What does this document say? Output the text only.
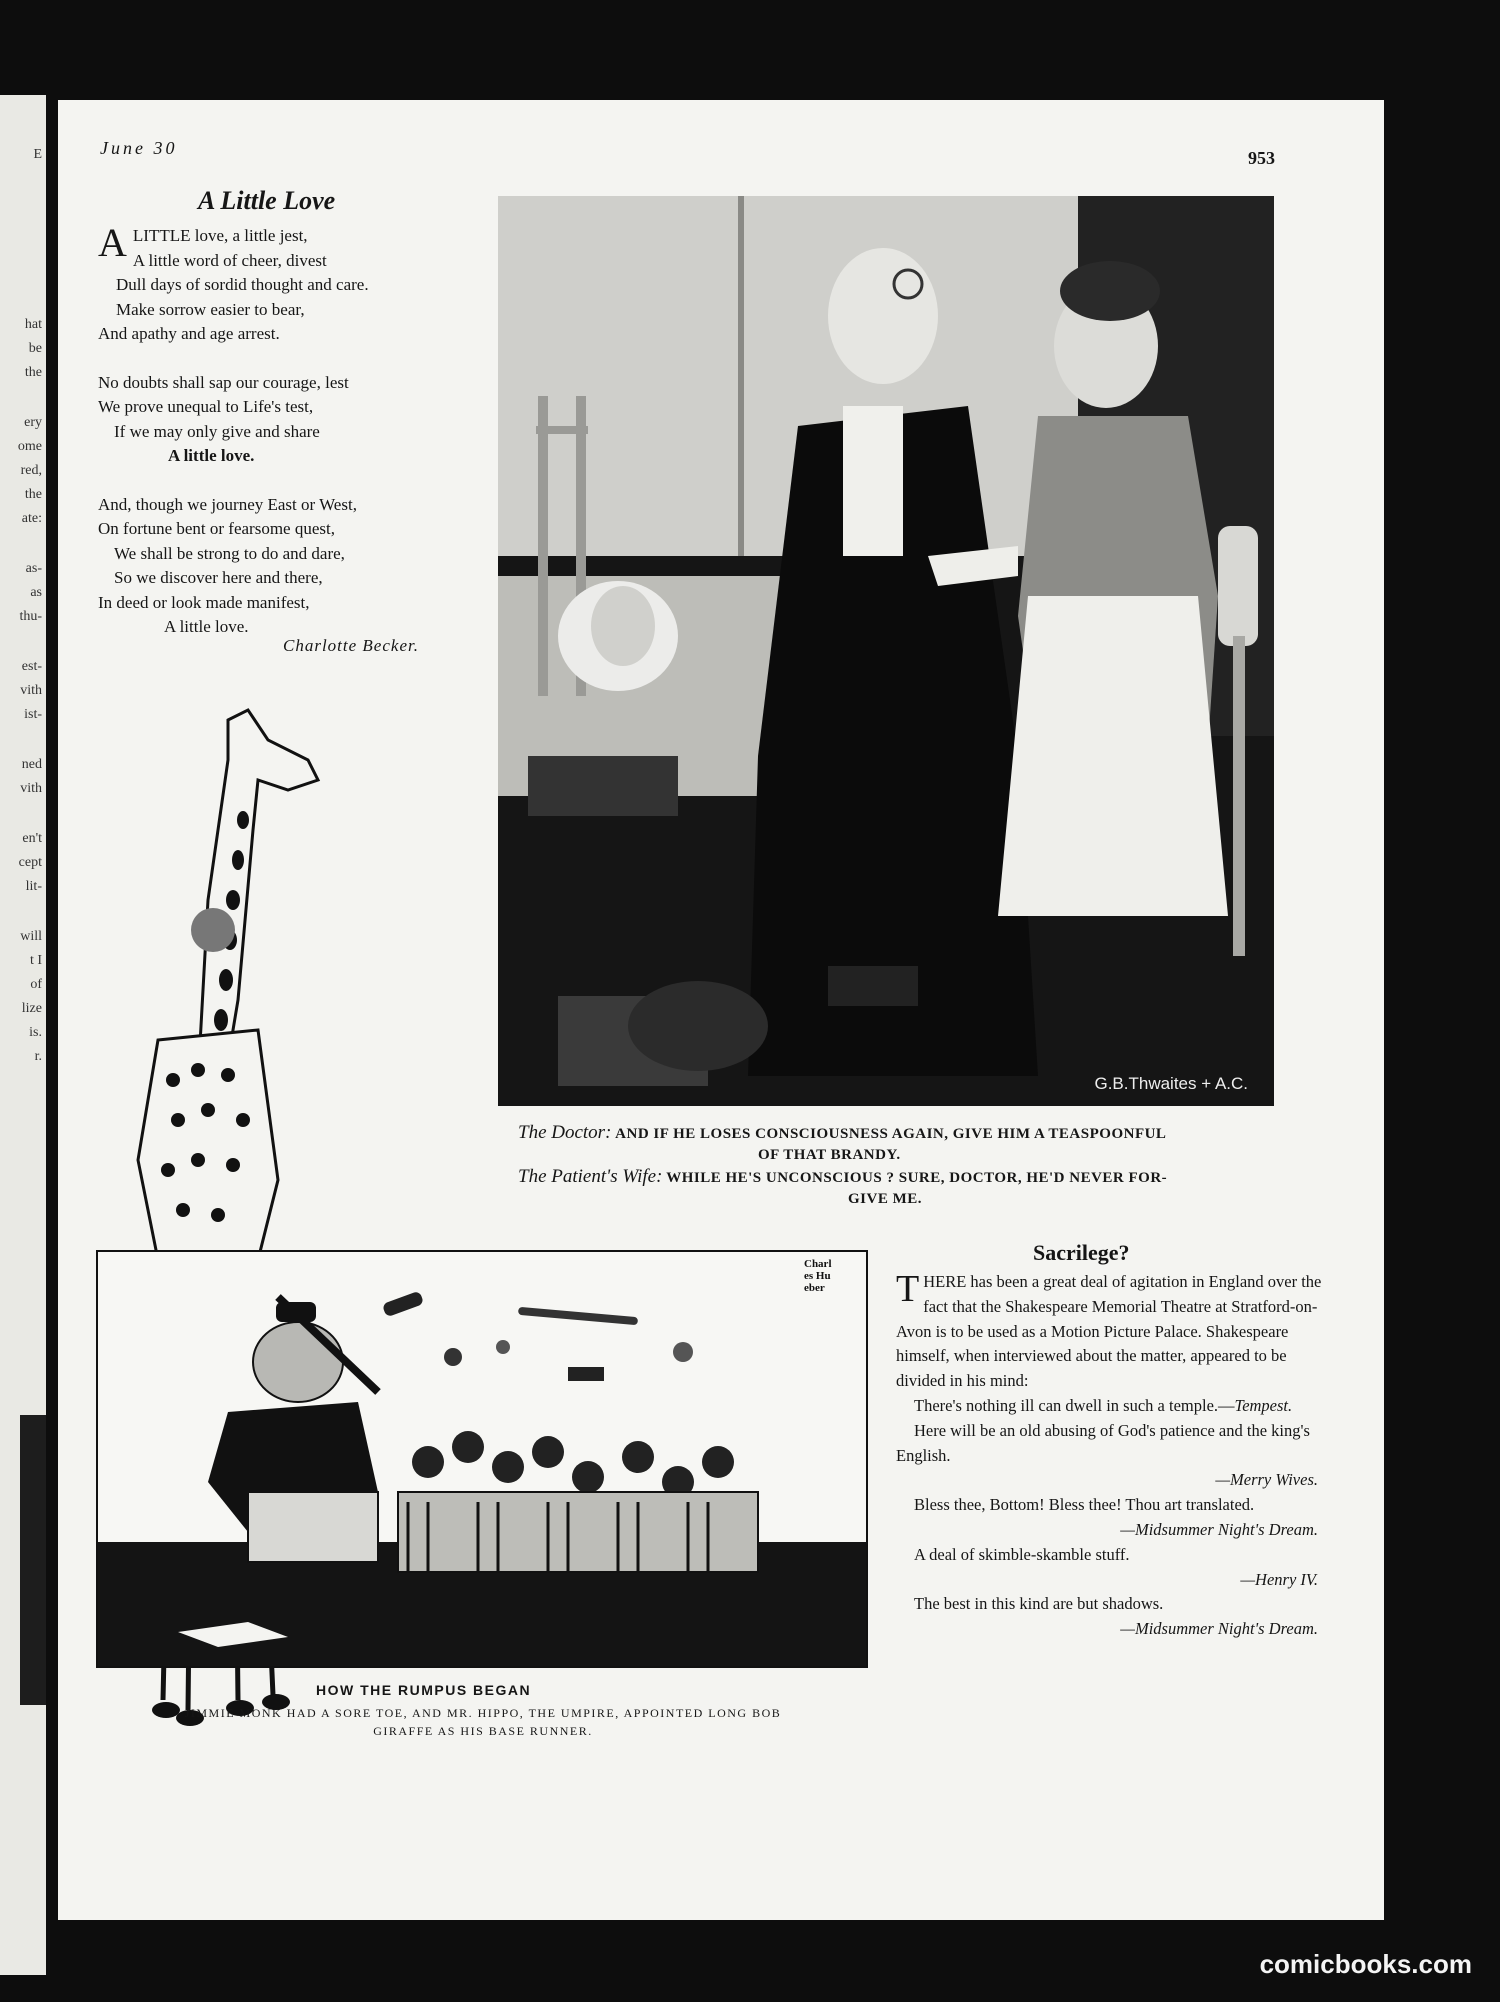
E
hat
be
the
ery
ome
red,
the
ate:
as-
as
thu-
est-
vith
ist-
ned
vith
en't
cept
lit-
will
t I
of
lize
is.
r.
June 30	953
A Little Love
A LITTLE love, a little jest,
A little word of cheer, divest
Dull days of sordid thought and care.
Make sorrow easier to bear,
And apathy and age arrest.
No doubts shall sap our courage, lest
We prove unequal to Life's test,
If we may only give and share
A little love.
And, though we journey East or West,
On fortune bent or fearsome quest,
We shall be strong to do and dare,
So we discover here and there,
In deed or look made manifest,
A little love.
Charlotte Becker.
G.B.Thwaites + A.C.
The Doctor: AND IF HE LOSES CONSCIOUSNESS AGAIN, GIVE HIM A TEASPOONFUL
OF THAT BRANDY.
The Patient's Wife: WHILE HE'S UNCONSCIOUS ? SURE, DOCTOR, HE'D NEVER FOR-
GIVE ME.
Charles Hueber
HOW THE RUMPUS BEGAN
JIMMIE MONK HAD A SORE TOE, AND MR. HIPPO, THE UMPIRE, APPOINTED LONG BOB
GIRAFFE AS HIS BASE RUNNER.
Sacrilege?

THERE has been a great deal of agitation in England over the fact that the Shakespeare Memorial Theatre at Stratford-on-Avon is to be used as a Motion Picture Palace. Shakespeare himself, when interviewed about the matter, appeared to be divided in his mind:

There's nothing ill can dwell in such a temple.—Tempest.

Here will be an old abusing of God's patience and the king's English.

—Merry Wives.

Bless thee, Bottom! Bless thee! Thou art translated.

—Midsummer Night's Dream.

A deal of skimble-skamble stuff.

—Henry IV.

The best in this kind are but shadows.

—Midsummer Night's Dream.

comicbooks.com
